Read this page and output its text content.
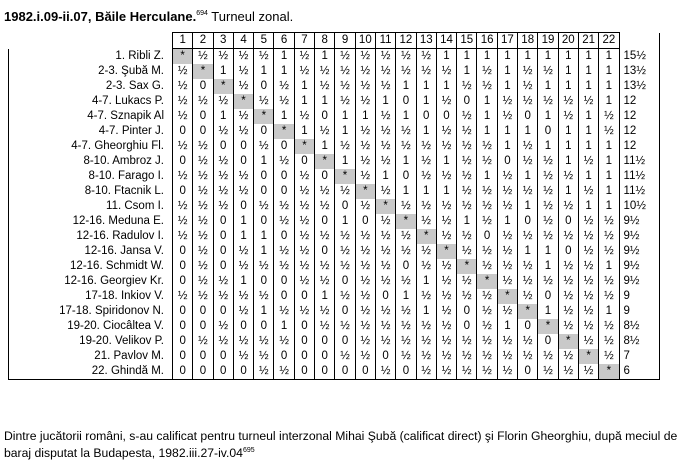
1982.i.09-ii.07, Băile Herculane.$^{694}$ Turneul zonal.
	1	2	3	4	5	6	7	8	9	10	11	12	13	14	15	16	17	18	19	20	21	22	
1. Ribli Z.	*	½	½	½	½	1	½	1	½	½	½	½	½	1	1	1	1	1	1	1	1	1	15½
2-3. Şubă M.	½	*	1	½	1	1	½	½	½	½	½	½	½	½	1	½	1	½	½	1	1	1	13½
2-3. Sax G.	½	0	*	½	0	½	1	½	½	½	½	1	1	1	½	½	1	½	1	1	1	1	13½
4-7. Lukacs P.	½	½	½	*	½	½	1	1	½	½	1	0	1	½	0	1	½	½	½	½	½	1	12
4-7. Sznapik Al	½	0	1	½	*	1	½	0	1	1	½	1	0	0	½	1	½	0	1	½	1	½	12
4-7. Pinter J.	0	0	½	½	0	*	1	½	1	½	½	½	1	½	½	1	1	1	0	1	1	½	12
4-7. Gheorghiu Fl.	½	½	0	0	½	0	*	1	½	½	½	½	½	½	½	½	1	½	1	1	1	1	12
8-10. Ambroz J.	0	½	½	0	1	½	0	*	1	½	½	1	½	1	½	½	0	½	½	1	½	1	11½
8-10. Farago I.	½	½	½	½	0	0	½	0	*	½	1	0	½	½	½	1	½	1	½	½	1	1	11½
8-10. Ftacnik L.	0	½	½	½	0	0	½	½	½	*	½	1	1	1	½	½	½	½	½	1	½	1	11½
11. Csom I.	½	½	½	0	½	½	½	½	0	½	*	½	½	½	½	½	½	1	½	½	1	1	10½
12-16. Meduna E.	½	½	0	1	0	½	½	0	1	0	½	*	½	½	1	½	1	0	½	0	½	½	9½
12-16. Radulov I.	½	½	0	1	1	0	½	½	½	½	½	½	*	½	½	0	½	½	½	½	½	½	9½
12-16. Jansa V.	0	½	0	½	1	½	½	0	½	½	½	½	½	*	½	½	½	1	1	0	½	½	9½
12-16. Schmidt W.	0	½	0	½	½	½	½	½	½	½	½	0	½	½	*	½	½	½	1	½	½	1	9½
12-16. Georgiev Kr.	0	½	½	1	0	0	½	½	0	½	½	½	1	½	½	*	½	½	½	½	½	½	9½
17-18. Inkiov V.	½	½	½	½	½	0	0	1	½	½	0	1	½	½	½	½	*	½	0	½	½	½	9
17-18. Spiridonov N.	0	0	0	½	1	½	½	½	0	½	½	½	1	½	0	½	½	*	1	½	½	1	9
19-20. Ciocâltea V.	0	0	½	0	0	1	0	½	½	½	½	½	½	½	0	½	1	0	*	½	½	½	8½
19-20. Velikov P.	0	½	½	½	½	½	0	0	0	½	½	½	½	½	½	½	½	½	0	*	½	½	8½
21. Pavlov M.	0	0	0	½	½	0	0	0	½	½	0	½	½	½	½	½	½	½	½	½	*	½	7
22. Ghindă M.	0	0	0	0	½	½	0	0	0	0	½	0	½	½	½	½	½	0	½	½	½	*	6
Dintre jucătorii români, s-au calificat pentru turneul interzonal Mihai Şubă (calificat direct) şi Florin Gheorghiu, după meciul de baraj disputat la Budapesta, $1982.iii.27-iv.04^{695}$
